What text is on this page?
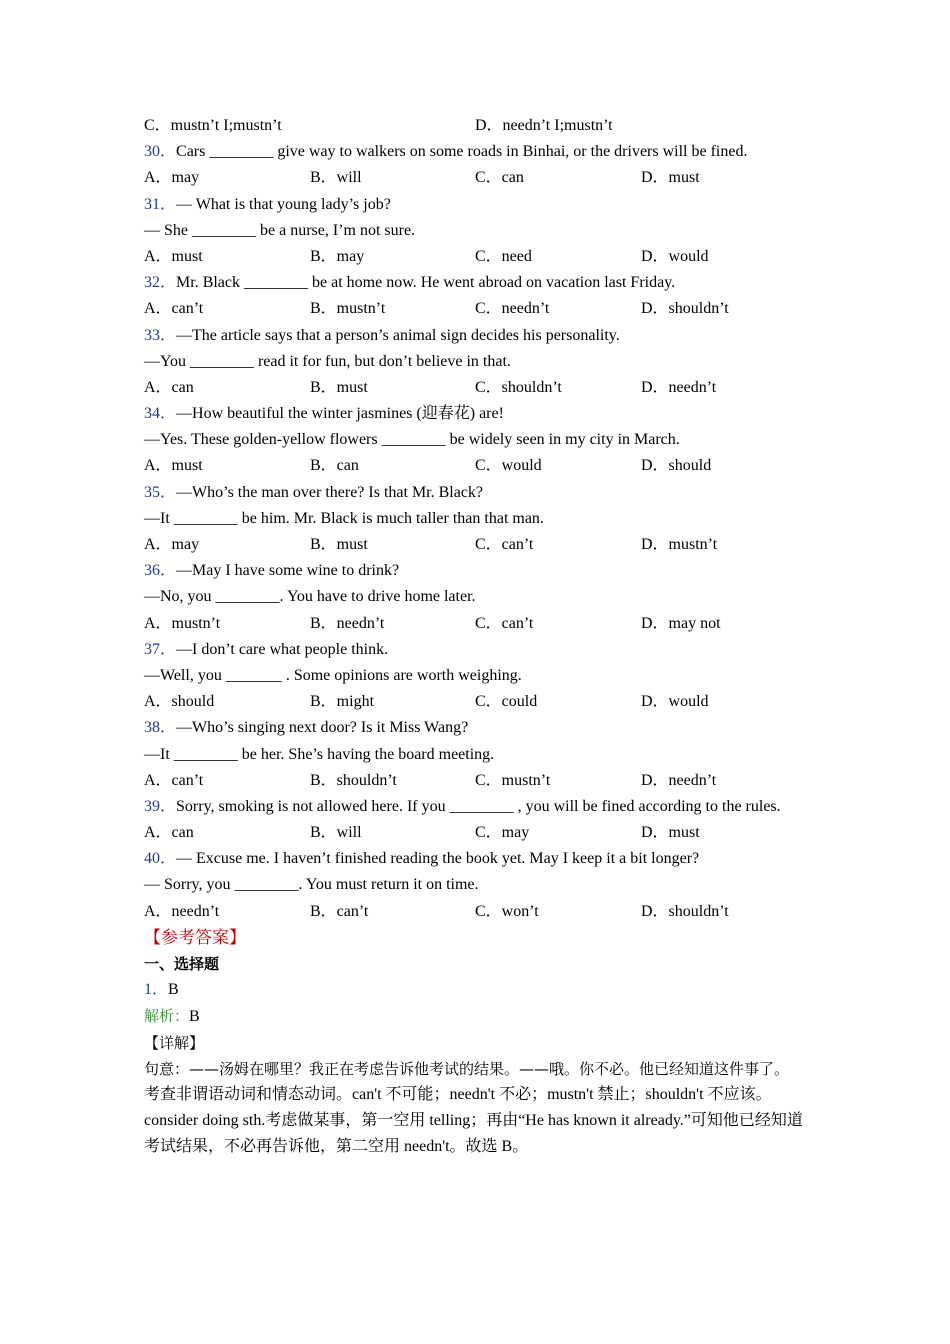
C．mustn’t I;mustn’t	D．needn’t I;mustn’t
30．Cars ________ give way to walkers on some roads in Binhai, or the drivers will be fined.
A．may	B．will	C．can	D．must
31．— What is that young lady’s job?
— She ________ be a nurse, I’m not sure.
A．must	B．may	C．need	D．would
32．Mr. Black ________ be at home now. He went abroad on vacation last Friday.
A．can’t	B．mustn’t	C．needn’t	D．shouldn’t
33．—The article says that a person’s animal sign decides his personality.
—You ________ read it for fun, but don’t believe in that.
A．can	B．must	C．shouldn’t	D．needn’t
34．—How beautiful the winter jasmines (迎春花) are!
—Yes. These golden-yellow flowers ________ be widely seen in my city in March.
A．must	B．can	C．would	D．should
35．—Who’s the man over there? Is that Mr. Black?
—It ________ be him. Mr. Black is much taller than that man.
A．may	B．must	C．can’t	D．mustn’t
36．—May I have some wine to drink?
—No, you ________. You have to drive home later.
A．mustn’t	B．needn’t	C．can’t	D．may not
37．—I don’t care what people think.
—Well, you _______ . Some opinions are worth weighing.
A．should	B．might	C．could	D．would
38．—Who’s singing next door? Is it Miss Wang?
—It ________ be her. She’s having the board meeting.
A．can’t	B．shouldn’t	C．mustn’t	D．needn’t
39．Sorry, smoking is not allowed here. If you ________ , you will be fined according to the rules.
A．can	B．will	C．may	D．must
40．— Excuse me. I haven’t finished reading the book yet. May I keep it a bit longer?
— Sorry, you ________. You must return it on time.
A．needn’t	B．can’t	C．won’t	D．shouldn’t
【参考答案】
一、选择题
1．B
解析：B
【详解】
句意：——汤姆在哪里？我正在考虑告诉他考试的结果。——哦。你不必。他已经知道这件事了。
考查非谓语动词和情态动词。can't 不可能；needn't 不必；mustn't 禁止；shouldn't 不应该。consider doing sth.考虑做某事，第一空用 telling；再由“He has known it already.”可知他已经知道考试结果，不必再告诉他，第二空用 needn't。故选 B。
